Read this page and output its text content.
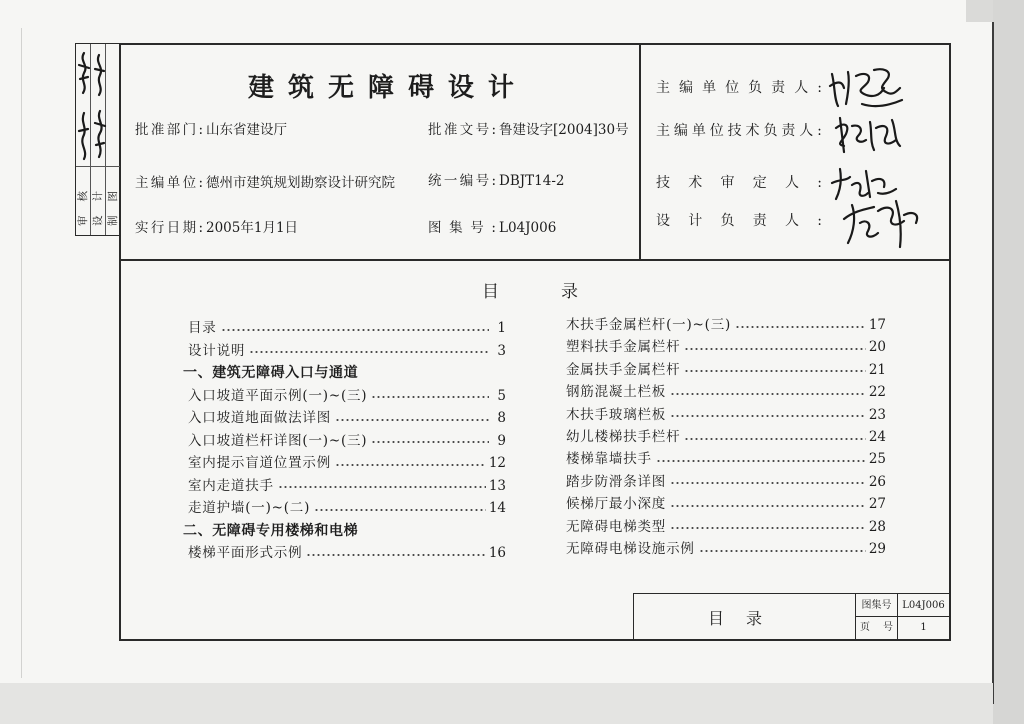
审核 设计 制图
建 筑 无 障 碍 设 计
批 准 部 门 : 山东省建设厅	批 准 文 号 : 鲁建设字[2004]30号
主 编 单 位 : 德州市建筑规划勘察设计研究院 统 一 编 号 : DBJT14-2
实 行 日 期 : 2005年1月1日	图 集 号 : L04J006
主 编 单 位 负 责 人 :
主 编 单 位 技 术 负 责 人 :
技 术 审 定 人 :
设 计 负 责 人 :
目	录
目录	1
设计说明	3
一、建筑无障碍入口与通道
入口坡道平面示例(一)~(三)	5
入口坡道地面做法详图	8
入口坡道栏杆详图(一)~(三)	9
室内提示盲道位置示例	12
室内走道扶手	13
走道护墙(一)~(二)	14
二、无障碍专用楼梯和电梯
楼梯平面形式示例	16
木扶手金属栏杆(一)~(三)	17
塑料扶手金属栏杆	20
金属扶手金属栏杆	21
钢筋混凝土栏板	22
木扶手玻璃栏板	23
幼儿楼梯扶手栏杆	24
楼梯靠墙扶手	25
踏步防滑条详图	26
候梯厅最小深度	27
无障碍电梯类型	28
无障碍电梯设施示例	29
目 录
图集号	L04J006
页 号	1
